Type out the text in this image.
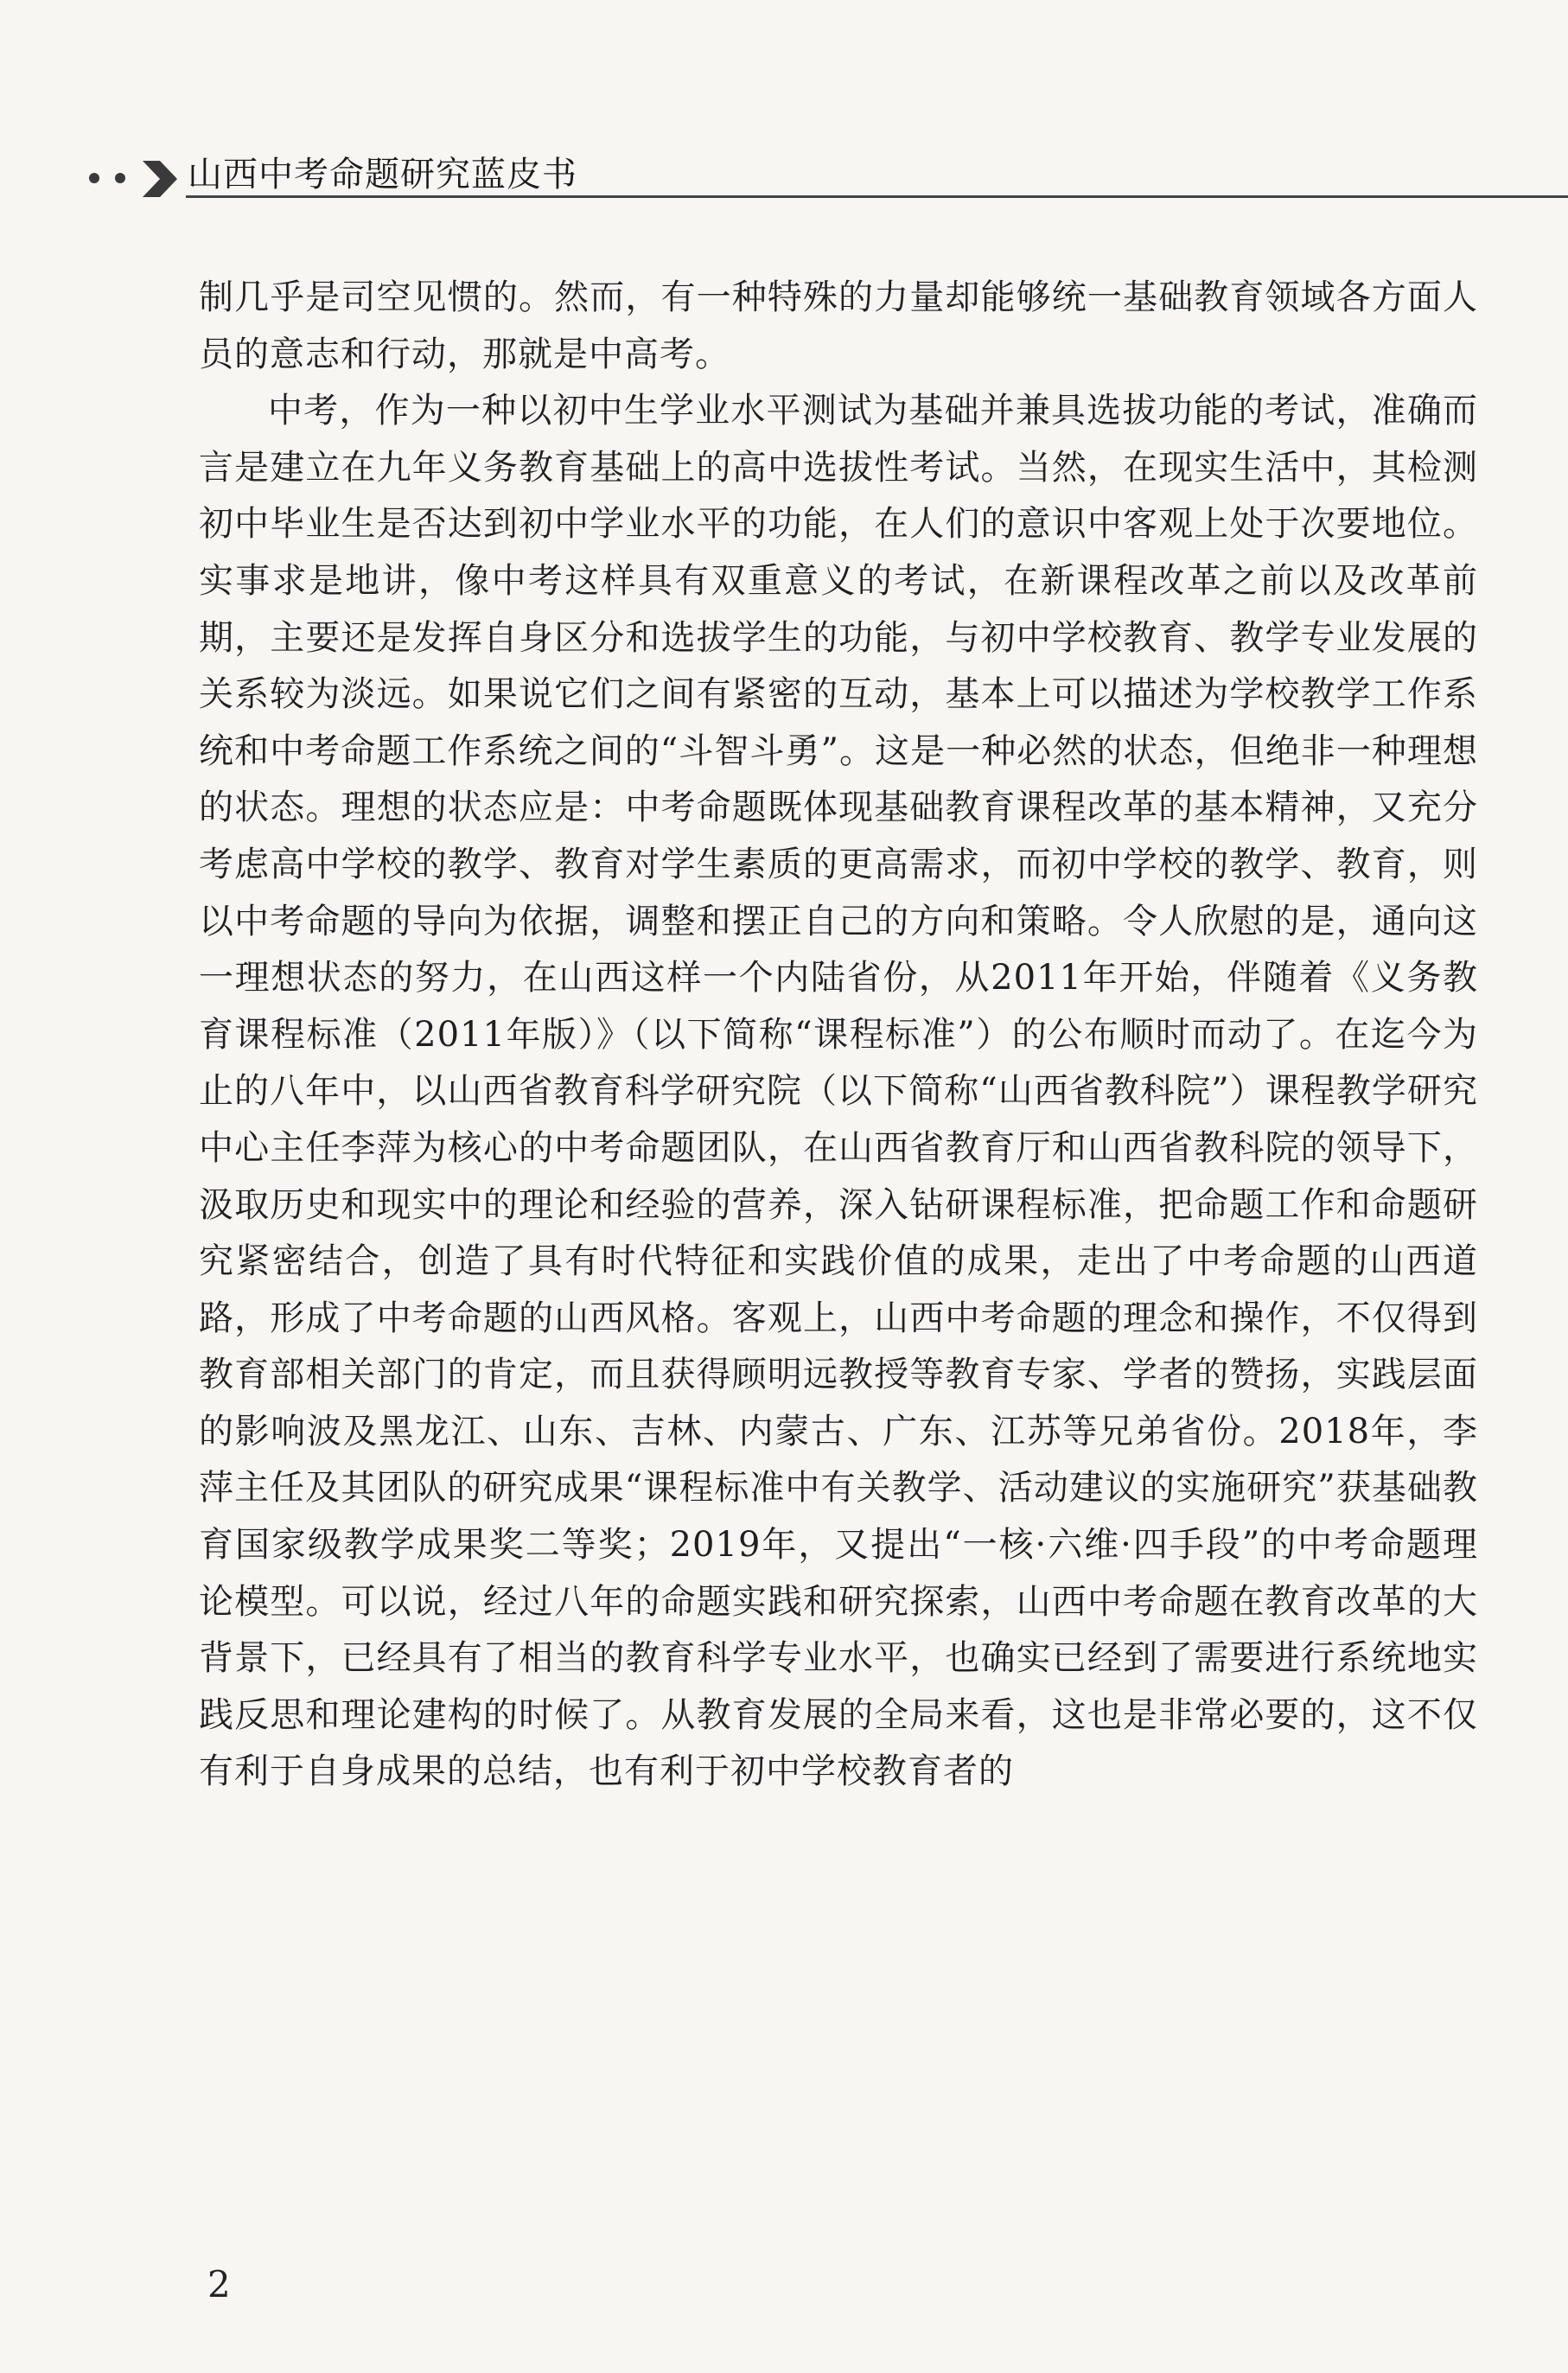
山西中考命题研究蓝皮书

制几乎是司空见惯的。然而，有一种特殊的力量却能够统一基础教育领域各方面人员的意志和行动，那就是中高考。

中考，作为一种以初中生学业水平测试为基础并兼具选拔功能的考试，准确而言是建立在九年义务教育基础上的高中选拔性考试。当然，在现实生活中，其检测初中毕业生是否达到初中学业水平的功能，在人们的意识中客观上处于次要地位。实事求是地讲，像中考这样具有双重意义的考试，在新课程改革之前以及改革前期，主要还是发挥自身区分和选拔学生的功能，与初中学校教育、教学专业发展的关系较为淡远。如果说它们之间有紧密的互动，基本上可以描述为学校教学工作系统和中考命题工作系统之间的“斗智斗勇”。这是一种必然的状态，但绝非一种理想的状态。理想的状态应是：中考命题既体现基础教育课程改革的基本精神，又充分考虑高中学校的教学、教育对学生素质的更高需求，而初中学校的教学、教育，则以中考命题的导向为依据，调整和摆正自己的方向和策略。令人欣慰的是，通向这一理想状态的努力，在山西这样一个内陆省份，从2011年开始，伴随着《义务教育课程标准（2011年版）》（以下简称“课程标准”）的公布顺时而动了。在迄今为止的八年中，以山西省教育科学研究院（以下简称“山西省教科院”）课程教学研究中心主任李萍为核心的中考命题团队，在山西省教育厅和山西省教科院的领导下，汲取历史和现实中的理论和经验的营养，深入钻研课程标准，把命题工作和命题研究紧密结合，创造了具有时代特征和实践价值的成果，走出了中考命题的山西道路，形成了中考命题的山西风格。客观上，山西中考命题的理念和操作，不仅得到教育部相关部门的肯定，而且获得顾明远教授等教育专家、学者的赞扬，实践层面的影响波及黑龙江、山东、吉林、内蒙古、广东、江苏等兄弟省份。2018年，李萍主任及其团队的研究成果“课程标准中有关教学、活动建议的实施研究”获基础教育国家级教学成果奖二等奖；2019年，又提出“一核·六维·四手段”的中考命题理论模型。可以说，经过八年的命题实践和研究探索，山西中考命题在教育改革的大背景下，已经具有了相当的教育科学专业水平，也确实已经到了需要进行系统地实践反思和理论建构的时候了。从教育发展的全局来看，这也是非常必要的，这不仅有利于自身成果的总结，也有利于初中学校教育者的

2
